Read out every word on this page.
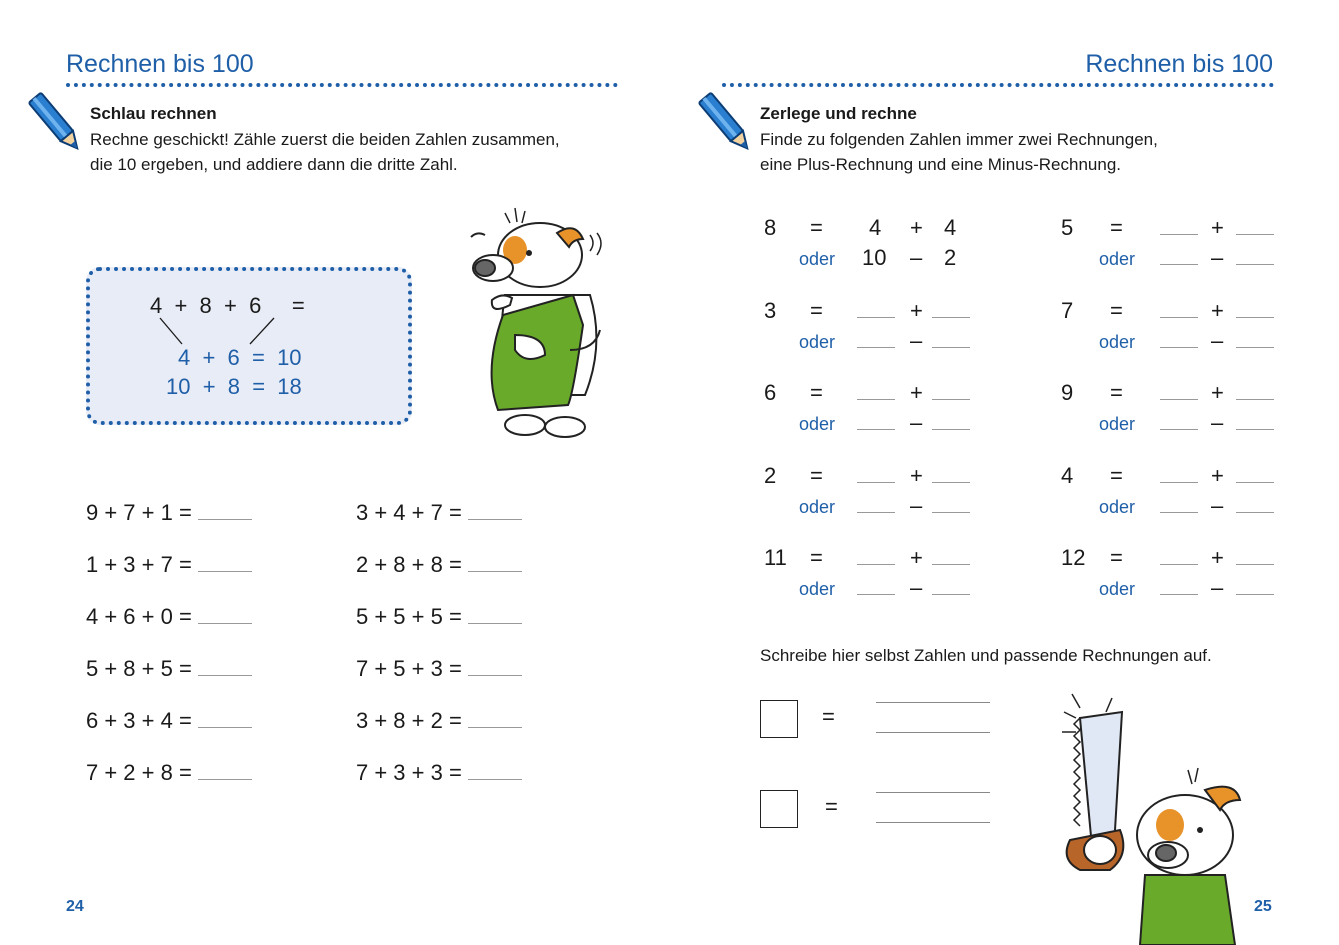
Rechnen bis 100
Schlau rechnen
Rechne geschickt! Zähle zuerst die beiden Zahlen zusammen,
die 10 ergeben, und addiere dann die dritte Zahl.
4  +  8  +  6     =
4  +  6  =  10
10  +  8  =  18
9 + 7 + 1 =
1 + 3 + 7 =
4 + 6 + 0 =
5 + 8 + 5 =
6 + 3 + 4 =
7 + 2 + 8 =
3 + 4 + 7 =
2 + 8 + 8 =
5 + 5 + 5 =
7 + 5 + 3 =
3 + 8 + 2 =
7 + 3 + 3 =
24
Rechnen bis 100
Zerlege und rechne
Finde zu folgenden Zahlen immer zwei Rechnungen,
eine Plus-Rechnung und eine Minus-Rechnung.
8 = 4 + 4
oder 10 – 2
5 =	+
oder	–
3 =	+
oder	–
7 =	+
oder	–
6 =	+
oder	–
9 =	+
oder	–
2 =	+
oder	–
4 =	+
oder	–
11 =	+
oder	–
12 =	+
oder	–
Schreibe hier selbst Zahlen und passende Rechnungen auf.
=
=
25
